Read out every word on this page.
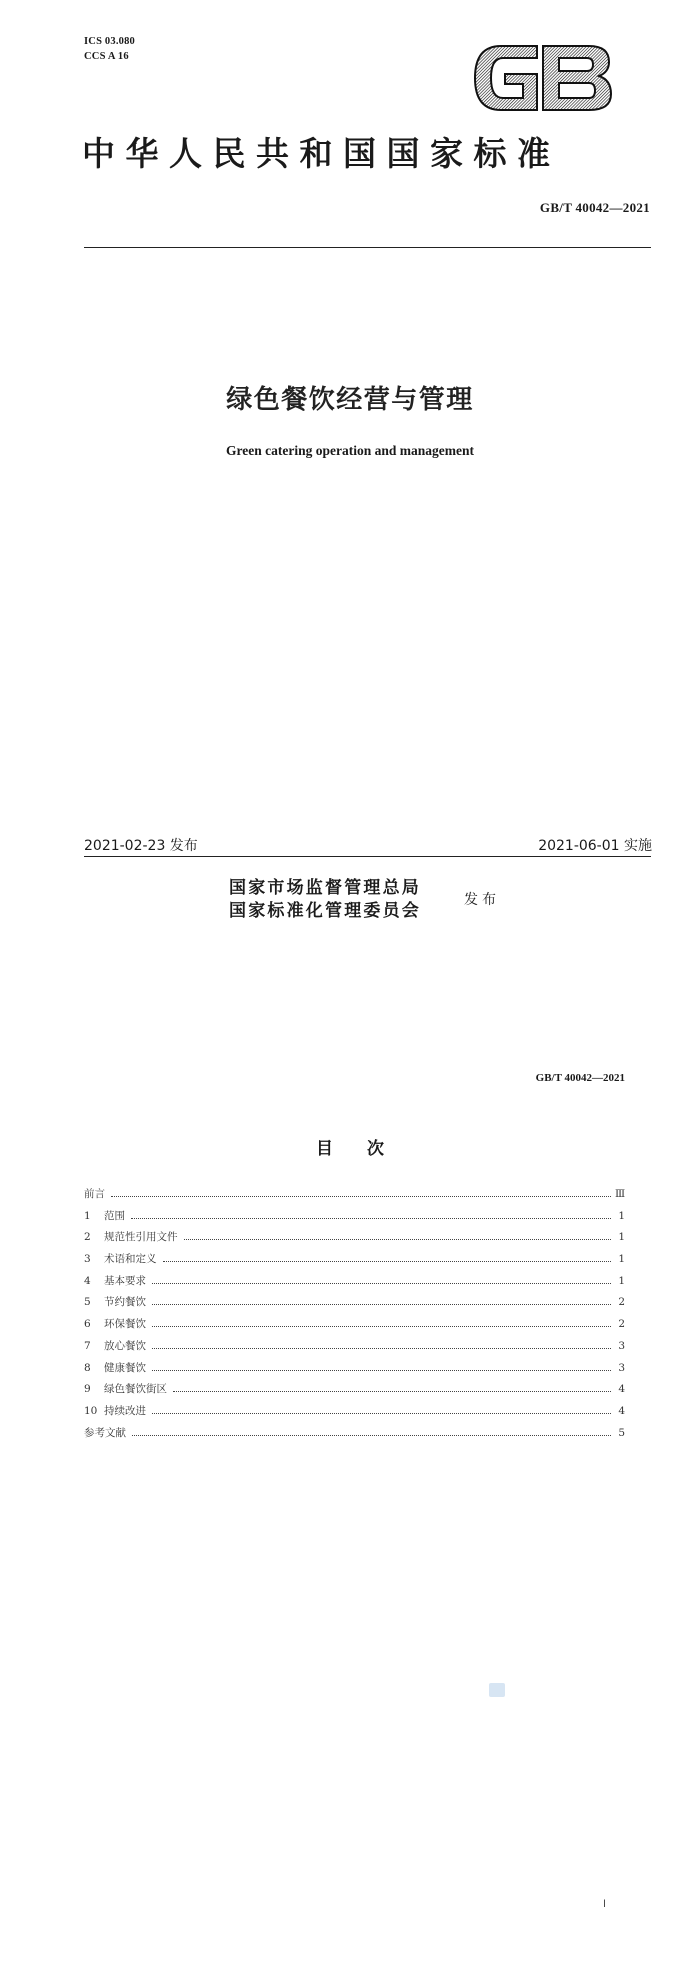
ICS 03.080
CCS A 16
中华人民共和国国家标准
GB/T 40042—2021
绿色餐饮经营与管理
Green catering operation and management
2021-02-23 发布	2021-06-01 实施
国家市场监督管理总局
国家标准化管理委员会
发布
GB/T 40042—2021
目次
前言	Ⅲ
1	范围	1
2	规范性引用文件	1
3	术语和定义	1
4	基本要求	1
5	节约餐饮	2
6	环保餐饮	2
7	放心餐饮	3
8	健康餐饮	3
9	绿色餐饮街区	4
10 持续改进	4
参考文献	5
Ⅰ
